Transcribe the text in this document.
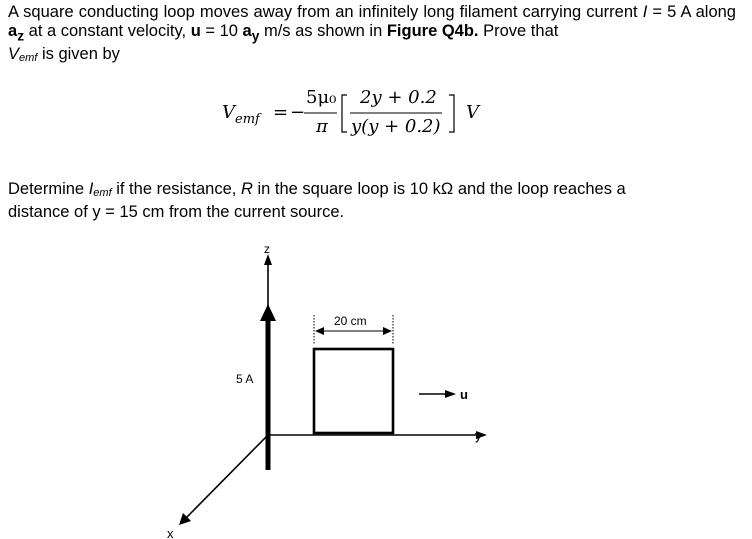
A square conducting loop moves away from an infinitely long filament carrying current I = 5 A along $a_z$ at a constant velocity, u = 10 $a_y$ m/s as shown in Figure Q4b. Prove that
Vemf is given by
$V_{emf}$ = −
5μ₀
π
2y + 0.2
y(y + 0.2)
V
Determine Iemf if the resistance, R in the square loop is 10 kΩ and the loop reaches a
distance of y = 15 cm from the current source.
z
y
x
5 A
20 cm
u
